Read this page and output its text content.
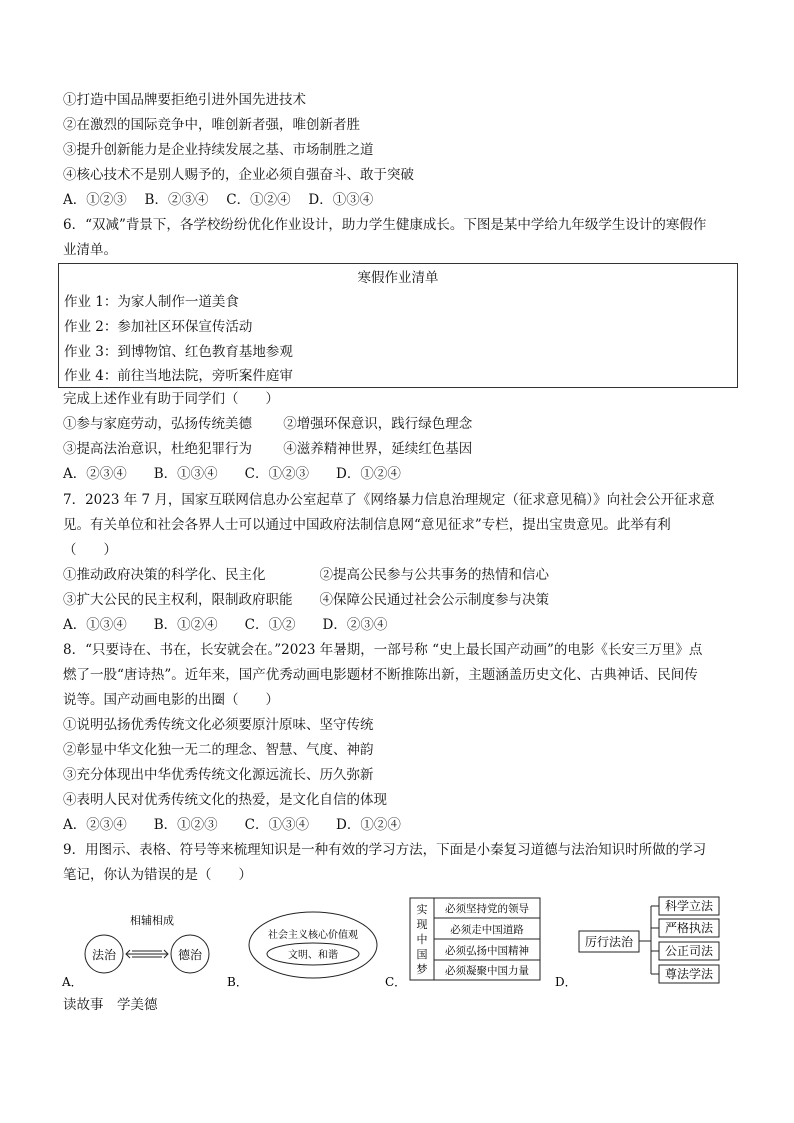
①打造中国品牌要拒绝引进外国先进技术
②在激烈的国际竞争中，唯创新者强，唯创新者胜
③提升创新能力是企业持续发展之基、市场制胜之道
④核心技术不是别人赐予的，企业必须自强奋斗、敢于突破
A．①②③　 B．②③④　 C．①②④　 D．①③④
6．“双减”背景下，各学校纷纷优化作业设计，助力学生健康成长。下图是某中学给九年级学生设计的寒假作
业清单。
寒假作业清单
作业 1：为家人制作一道美食
作业 2：参加社区环保宣传活动
作业 3：到博物馆、红色教育基地参观
作业 4：前往当地法院，旁听案件庭审
完成上述作业有助于同学们（　　）
①参与家庭劳动，弘扬传统美德　　 ②增强环保意识，践行绿色理念
③提高法治意识，杜绝犯罪行为　　 ④滋养精神世界，延续红色基因
A．②③④　　B．①③④　　C．①②③　　D．①②④
7．2023 年 7 月，国家互联网信息办公室起草了《网络暴力信息治理规定（征求意见稿）》向社会公开征求意
见。有关单位和社会各界人士可以通过中国政府法制信息网“意见征求”专栏，提出宝贵意见。此举有利
（　　）
①推动政府决策的科学化、民主化　　　　②提高公民参与公共事务的热情和信心
③扩大公民的民主权利，限制政府职能　　④保障公民通过社会公示制度参与决策
A．①③④　　B．①②④　　C．①②　　D．②③④
8．“只要诗在、书在，长安就会在。”2023 年暑期，一部号称 “史上最长国产动画”的电影《长安三万里》点
燃了一股“唐诗热”。近年来，国产优秀动画电影题材不断推陈出新，主题涵盖历史文化、古典神话、民间传
说等。国产动画电影的出圈（　　）
①说明弘扬优秀传统文化必须要原汁原味、坚守传统
②彰显中华文化独一无二的理念、智慧、气度、神韵
③充分体现出中华优秀传统文化源远流长、历久弥新
④表明人民对优秀传统文化的热爱，是文化自信的体现
A．②③④　　B．①②③　　C．①③④　　D．①②④
9．用图示、表格、符号等来梳理知识是一种有效的学习方法，下面是小秦复习道德与法治知识时所做的学习
笔记，你认为错误的是（　　）
相辅相成
法治	德治
A．
社会主义核心价值观
文明、和谐
B．
实
现
中
国
梦
必须坚持党的领导
必须走中国道路
必须弘扬中国精神
必须凝聚中国力量
C．
厉行法治
科学立法
严格执法
公正司法
尊法学法
D．
读故事　学美德
